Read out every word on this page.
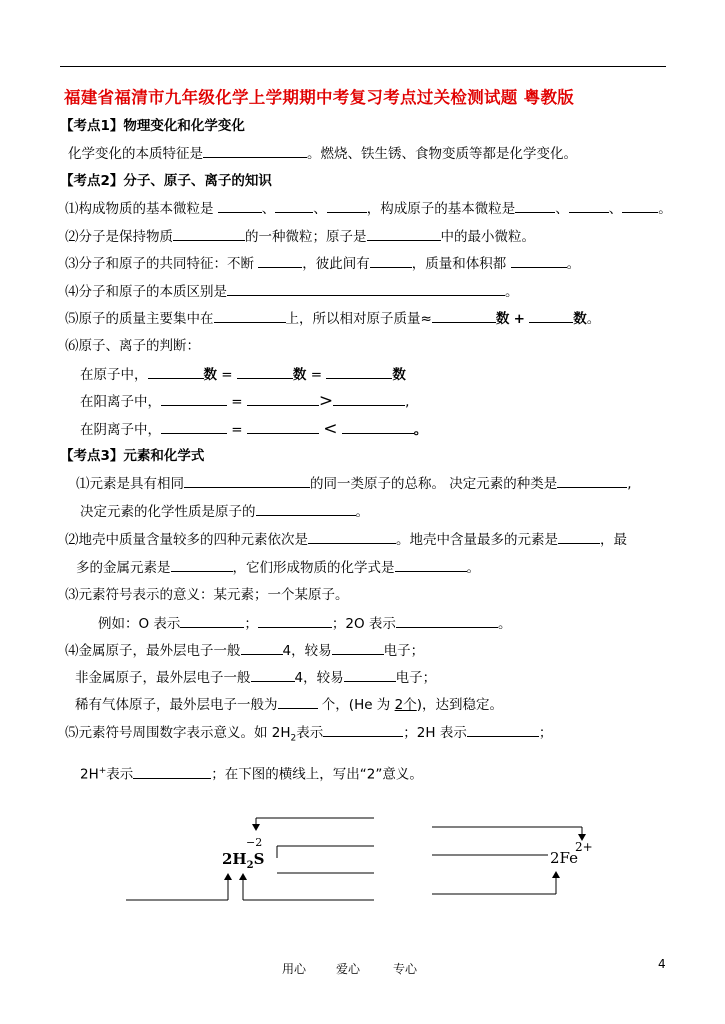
福建省福清市九年级化学上学期期中考复习考点过关检测试题 粤教版
【考点1】物理变化和化学变化
化学变化的本质特征是	。燃烧、铁生锈、食物变质等都是化学变化。
【考点2】分子、原子、离子的知识
⑴构成物质的基本微粒是	、	、	，构成原子的基本微粒是	、	、	。
⑵分子是保持物质	的一种微粒；原子是	中的最小微粒。
⑶分子和原子的共同特征：不断	，彼此间有	，质量和体积都	。
⑷分子和原子的本质区别是	。
⑸原子的质量主要集中在	上，所以相对原子质量≈	数 +	数。
⑹原子、离子的判断：
在原子中，	数 =	数 =	数
在阳离子中，	=	>	,
在阴离子中，	=	<	。
【考点3】元素和化学式
⑴元素是具有相同	的同一类原子的总称。 决定元素的种类是	,
决定元素的化学性质是原子的	。
⑵地壳中质量含量较多的四种元素依次是	。地壳中含量最多的元素是	，最
多的金属元素是	，它们形成物质的化学式是	。
⑶元素符号表示的意义：某元素；一个某原子。
例如：O 表示	；	；2O 表示	。
⑷金属原子，最外层电子一般	4，较易	电子；
非金属原子，最外层电子一般	4，较易	电子；
稀有气体原子，最外层电子一般为	个，(He 为 2个)，达到稳定。
⑸元素符号周围数字表示意义。如 $2H_2$表示	；2H 表示	；
2H+表示	；在下图的横线上，写出“2”意义。
$2H_2S$
−2
2Fe
2+
用心 爱心	专心	4
